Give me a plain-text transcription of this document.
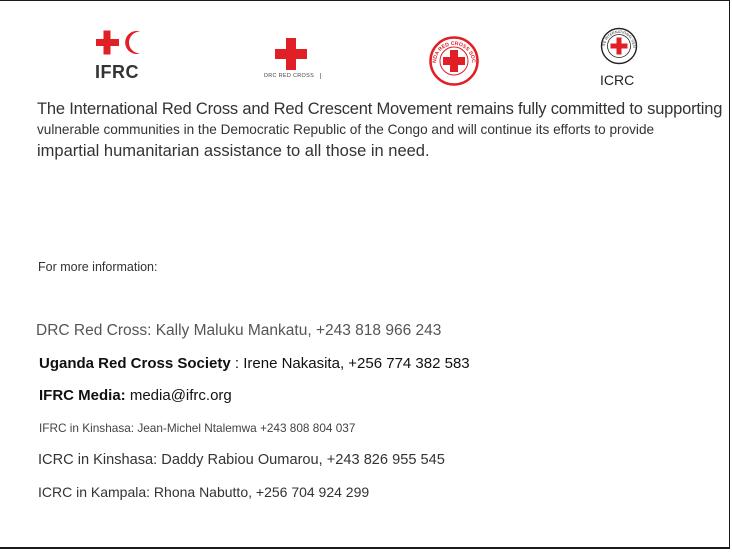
IFRC	DRC RED CROSS
NDA RED CROSS SOC
ITÉ INTERNATIONAL GEN
ICRC
The International Red Cross and Red Crescent Movement remains fully committed to supporting
vulnerable communities in the Democratic Republic of the Congo and will continue its efforts to provide
impartial humanitarian assistance to all those in need.
For more information:
DRC Red Cross: Kally Maluku Mankatu, +243 818 966 243
Uganda Red Cross Society : Irene Nakasita, +256 774 382 583
IFRC Media: media@ifrc.org
IFRC in Kinshasa: Jean-Michel Ntalemwa +243 808 804 037
ICRC in Kinshasa: Daddy Rabiou Oumarou, +243 826 955 545
ICRC in Kampala: Rhona Nabutto, +256 704 924 299
